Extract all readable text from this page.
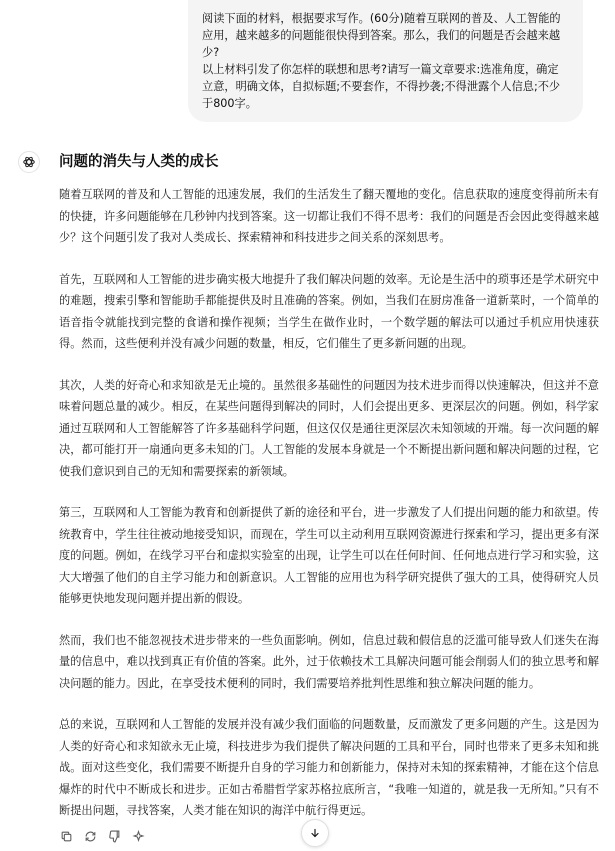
阅读下面的材料，根据要求写作。(60分)随着互联网的普及、人工智能的应用，越来越多的问题能很快得到答案。那么，我们的问题是否会越来越少?

以上材料引发了你怎样的联想和思考?请写一篇文章要求:选准角度，确定立意，明确文体，自拟标题;不要套作，不得抄袭;不得泄露个人信息;不少于800字。

问题的消失与人类的成长

随着互联网的普及和人工智能的迅速发展，我们的生活发生了翻天覆地的变化。信息获取的速度变得前所未有的快捷，许多问题能够在几秒钟内找到答案。这一切都让我们不得不思考：我们的问题是否会因此变得越来越少？这个问题引发了我对人类成长、探索精神和科技进步之间关系的深刻思考。

首先，互联网和人工智能的进步确实极大地提升了我们解决问题的效率。无论是生活中的琐事还是学术研究中的难题，搜索引擎和智能助手都能提供及时且准确的答案。例如，当我们在厨房准备一道新菜时，一个简单的语音指令就能找到完整的食谱和操作视频；当学生在做作业时，一个数学题的解法可以通过手机应用快速获得。然而，这些便利并没有减少问题的数量，相反，它们催生了更多新问题的出现。

其次，人类的好奇心和求知欲是无止境的。虽然很多基础性的问题因为技术进步而得以快速解决，但这并不意味着问题总量的减少。相反，在某些问题得到解决的同时，人们会提出更多、更深层次的问题。例如，科学家通过互联网和人工智能解答了许多基础科学问题，但这仅仅是通往更深层次未知领域的开端。每一次问题的解决，都可能打开一扇通向更多未知的门。人工智能的发展本身就是一个不断提出新问题和解决问题的过程，它使我们意识到自己的无知和需要探索的新领域。

第三，互联网和人工智能为教育和创新提供了新的途径和平台，进一步激发了人们提出问题的能力和欲望。传统教育中，学生往往被动地接受知识，而现在，学生可以主动利用互联网资源进行探索和学习，提出更多有深度的问题。例如，在线学习平台和虚拟实验室的出现，让学生可以在任何时间、任何地点进行学习和实验，这大大增强了他们的自主学习能力和创新意识。人工智能的应用也为科学研究提供了强大的工具，使得研究人员能够更快地发现问题并提出新的假设。

然而，我们也不能忽视技术进步带来的一些负面影响。例如，信息过载和假信息的泛滥可能导致人们迷失在海量的信息中，难以找到真正有价值的答案。此外，过于依赖技术工具解决问题可能会削弱人们的独立思考和解决问题的能力。因此，在享受技术便利的同时，我们需要培养批判性思维和独立解决问题的能力。

总的来说，互联网和人工智能的发展并没有减少我们面临的问题数量，反而激发了更多问题的产生。这是因为人类的好奇心和求知欲永无止境，科技进步为我们提供了解决问题的工具和平台，同时也带来了更多未知和挑战。面对这些变化，我们需要不断提升自身的学习能力和创新能力，保持对未知的探索精神，才能在这个信息爆炸的时代中不断成长和进步。正如古希腊哲学家苏格拉底所言，“我唯一知道的，就是我一无所知。”只有不断提出问题，寻找答案，人类才能在知识的海洋中航行得更远。
